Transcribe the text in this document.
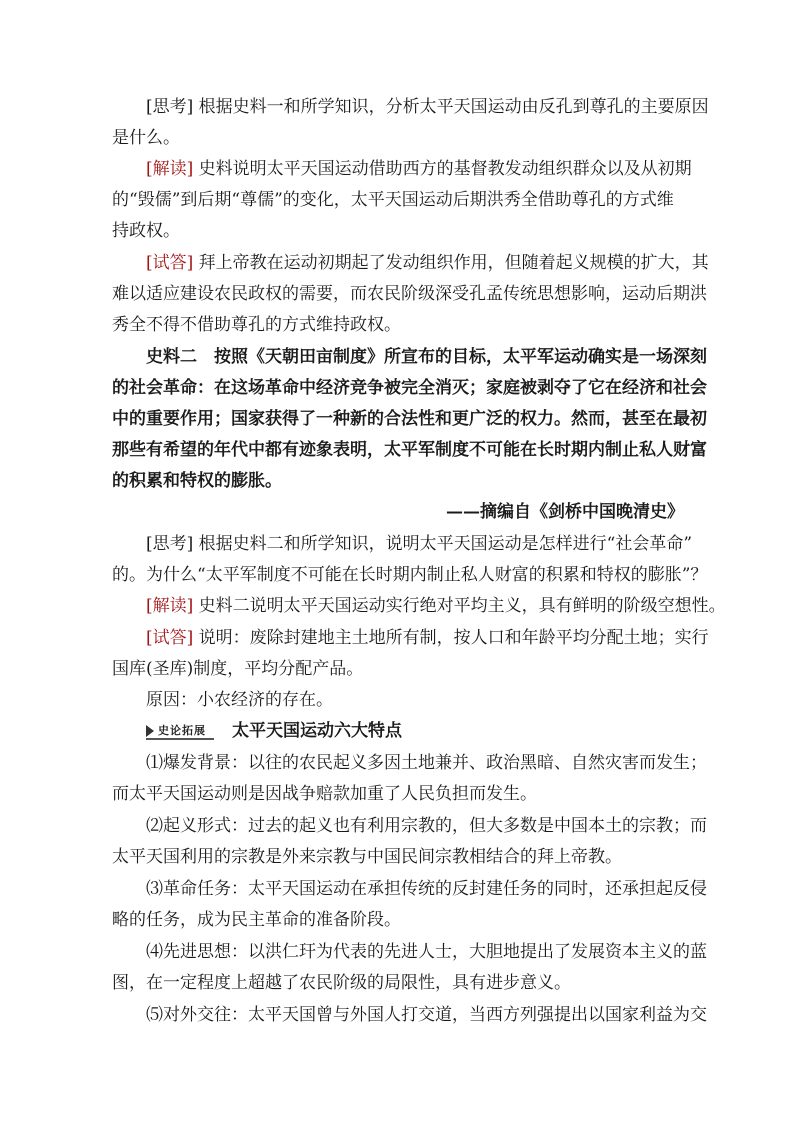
[思考] 根据史料一和所学知识，分析太平天国运动由反孔到尊孔的主要原因
是什么。
[解读] 史料说明太平天国运动借助西方的基督教发动组织群众以及从初期
的“毁儒”到后期“尊儒”的变化，太平天国运动后期洪秀全借助尊孔的方式维
持政权。
[试答] 拜上帝教在运动初期起了发动组织作用，但随着起义规模的扩大，其
难以适应建设农民政权的需要，而农民阶级深受孔孟传统思想影响，运动后期洪
秀全不得不借助尊孔的方式维持政权。
史料二　按照《天朝田亩制度》所宣布的目标，太平军运动确实是一场深刻
的社会革命：在这场革命中经济竞争被完全消灭；家庭被剥夺了它在经济和社会
中的重要作用；国家获得了一种新的合法性和更广泛的权力。然而，甚至在最初
那些有希望的年代中都有迹象表明，太平军制度不可能在长时期内制止私人财富
的积累和特权的膨胀。
——摘编自《剑桥中国晚清史》
[思考] 根据史料二和所学知识，说明太平天国运动是怎样进行“社会革命”
的。为什么“太平军制度不可能在长时期内制止私人财富的积累和特权的膨胀”？
[解读] 史料二说明太平天国运动实行绝对平均主义，具有鲜明的阶级空想性。
[试答] 说明：废除封建地主土地所有制，按人口和年龄平均分配土地；实行
国库(圣库)制度，平均分配产品。
原因：小农经济的存在。
史论拓展 太平天国运动六大特点
⑴爆发背景：以往的农民起义多因土地兼并、政治黑暗、自然灾害而发生；
而太平天国运动则是因战争赔款加重了人民负担而发生。
⑵起义形式：过去的起义也有利用宗教的，但大多数是中国本土的宗教；而
太平天国利用的宗教是外来宗教与中国民间宗教相结合的拜上帝教。
⑶革命任务：太平天国运动在承担传统的反封建任务的同时，还承担起反侵
略的任务，成为民主革命的准备阶段。
⑷先进思想：以洪仁玕为代表的先进人士，大胆地提出了发展资本主义的蓝
图，在一定程度上超越了农民阶级的局限性，具有进步意义。
⑸对外交往：太平天国曾与外国人打交道，当西方列强提出以国家利益为交
